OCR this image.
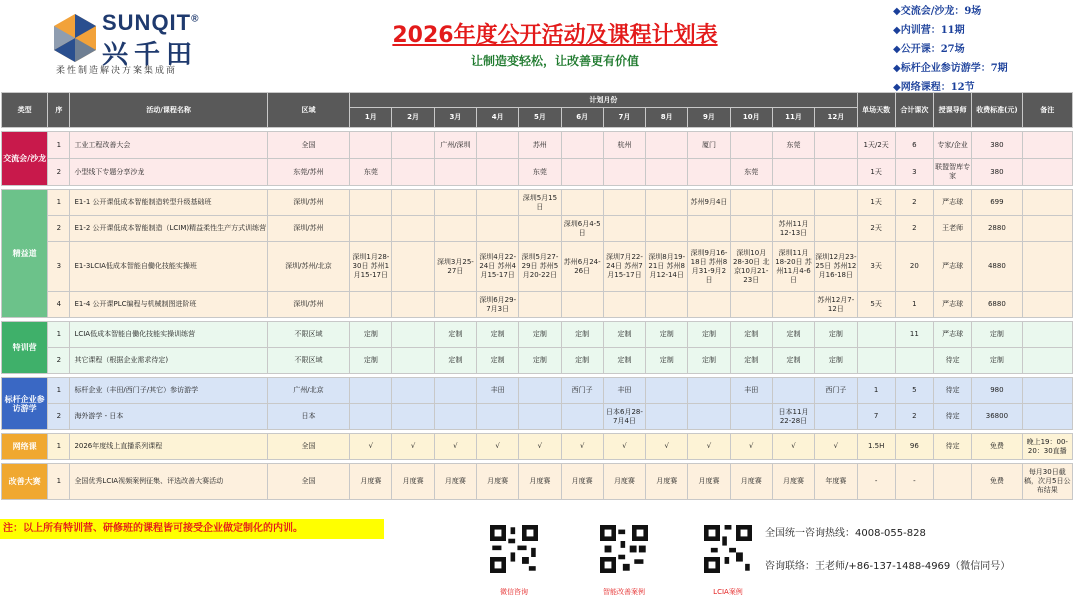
SUNQIT®
兴千田
柔性制造解决方案集成商
2026年度公开活动及课程计划表
让制造变轻松，让改善更有价值
◆交流会/沙龙：9场
◆内训营：11期
◆公开课：27场
◆标杆企业参访游学：7期
◆网络课程：12节
类型	序	活动/课程名称	区域	计划月份												单场天数	合计课次	授课导师	收费标准(元)	备注
				1月	2月	3月	4月	5月	6月	7月	8月	9月	10月	11月	12月					

交流会/沙龙	1	工业工程改善大会	全国			广州/深圳		苏州		杭州		厦门		东莞		1天/2天	6	专家/企业	380	
	2	小型线下专题分享沙龙	东莞/苏州	东莞				东莞					东莞			1天	3	联盟智库专家	380	

精益道	1	E1-1 公开课低成本智能制造转型升级基础班	深圳/苏州					深圳5月15日				苏州9月4日				1天	2	严志球	699	
	2	E1-2 公开课低成本智能制造（LCIM)精益柔性生产方式训练营	深圳/苏州						深圳6月4-5日					苏州11月12-13日		2天	2	王老师	2880	
	3	E1-3LCIA低成本智能自働化技能实操班	深圳/苏州/北京	深圳1月28-30日 苏州1月15-17日		深圳3月25-27日	深圳4月22-24日 苏州4月15-17日	深圳5月27-29日 苏州5月20-22日	苏州6月24-26日	深圳7月22-24日 苏州7月15-17日	深圳8月19-21日 苏州8月12-14日	深圳9月16-18日 苏州8月31-9月2日	深圳10月28-30日 北京10月21-23日	深圳11月18-20日 苏州11月4-6日	深圳12月23-25日 苏州12月16-18日	3天	20	严志球	4880	
	4	E1-4 公开课PLC编程与机械制图进阶班	深圳/苏州				深圳6月29-7月3日								苏州12月7-12日	5天	1	严志球	6880	

特训营	1	LCIA低成本智能自働化技能实操训练营	不限区域	定制		定制	定制	定制	定制	定制	定制	定制	定制	定制	定制		11	严志球	定制	
	2	其它课程（根据企业需求待定)	不限区域	定制		定制	定制	定制	定制	定制	定制	定制	定制	定制	定制			待定	定制	

标杆企业参访游学	1	标杆企业（丰田/西门子/其它）参访游学	广州/北京				丰田		西门子	丰田			丰田		西门子	1	5	待定	980	
	2	海外游学 - 日本	日本							日本6月28-7月4日				日本11月22-28日		7	2	待定	36800	

网络课	1	2026年度线上直播系列课程	全国	√	√	√	√	√	√	√	√	√	√	√	√	1.5H	96	待定	免费	晚上19：00-20：30直播

改善大赛	1	全国优秀LCIA视频案例征集、评选改善大赛活动	全国	月度赛	月度赛	月度赛	月度赛	月度赛	月度赛	月度赛	月度赛	月度赛	月度赛	月度赛	年度赛	-	-		免费	每月30日截稿，次月5日公布结果
注：以上所有特训营、研修班的课程皆可接受企业做定制化的内训。
微信咨询	智能改善案例	LCIA案例
全国统一咨询热线：4008-055-828
咨询联络：王老师/+86-137-1488-4969（微信同号）
